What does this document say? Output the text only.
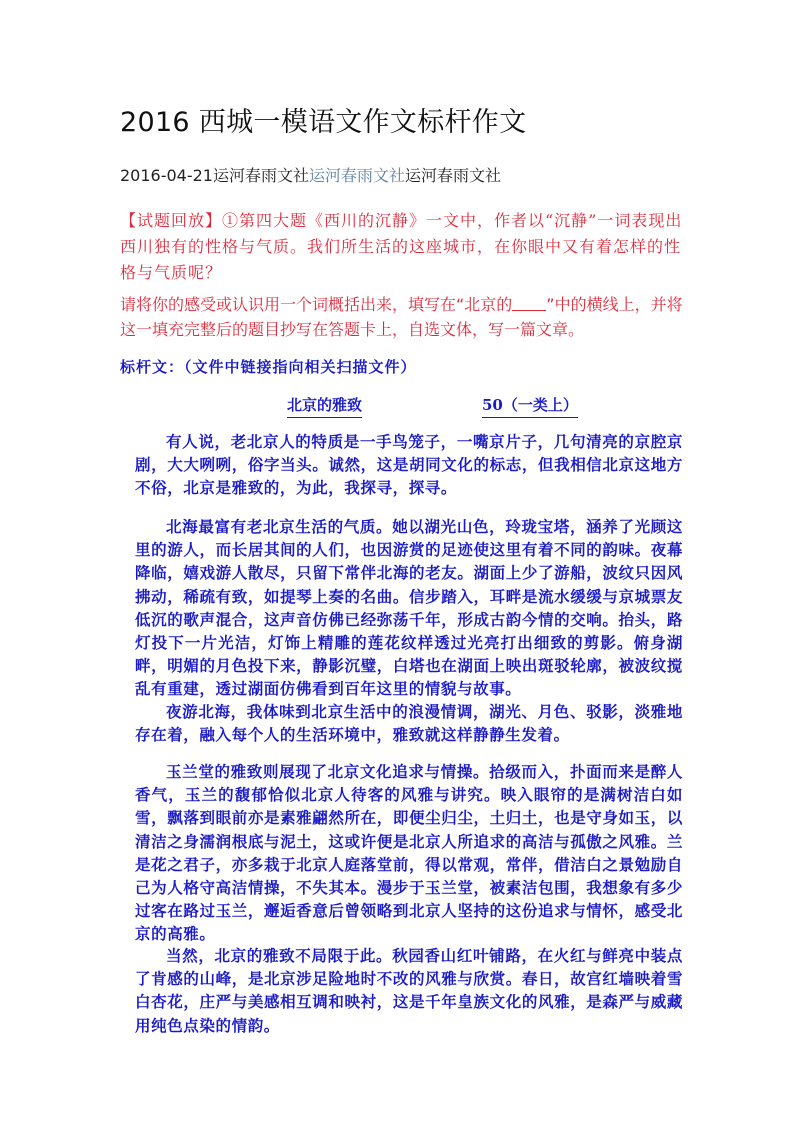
2016 西城一模语文作文标杆作文
2016-04-21运河春雨文社运河春雨文社运河春雨文社
【试题回放】①第四大题《西川的沉静》一文中，作者以“沉静”一词表现出西川独有的性格与气质。我们所生活的这座城市，在你眼中又有着怎样的性格与气质呢？
请将你的感受或认识用一个词概括出来，填写在“北京的 ”中的横线上，并将这一填充完整后的题目抄写在答题卡上，自选文体，写一篇文章。
标杆文：（文件中链接指向相关扫描文件）
北京的雅致	50（一类上）
有人说，老北京人的特质是一手鸟笼子，一嘴京片子，几句清亮的京腔京剧，大大咧咧，俗字当头。诚然，这是胡同文化的标志，但我相信北京这地方不俗，北京是雅致的，为此，我探寻，探寻。
北海最富有老北京生活的气质。她以湖光山色，玲珑宝塔，涵养了光顾这里的游人，而长居其间的人们，也因游赏的足迹使这里有着不同的韵味。夜幕降临，嬉戏游人散尽，只留下常伴北海的老友。湖面上少了游船，波纹只因风拂动，稀疏有致，如提琴上奏的名曲。信步踏入，耳畔是流水缓缓与京城票友低沉的歌声混合，这声音仿佛已经弥荡千年，形成古韵今情的交响。抬头，路灯投下一片光洁，灯饰上精雕的莲花纹样透过光亮打出细致的剪影。俯身湖畔，明媚的月色投下来，静影沉璧，白塔也在湖面上映出斑驳轮廓，被波纹搅乱有重建，透过湖面仿佛看到百年这里的情貌与故事。
夜游北海，我体味到北京生活中的浪漫情调，湖光、月色、驳影，淡雅地存在着，融入每个人的生活环境中，雅致就这样静静生发着。
玉兰堂的雅致则展现了北京文化追求与情操。拾级而入，扑面而来是醉人香气，玉兰的馥郁恰似北京人待客的风雅与讲究。映入眼帘的是满树洁白如雪，飘落到眼前亦是素雅翩然所在，即便尘归尘，土归土，也是守身如玉，以清洁之身濡润根底与泥土，这或许便是北京人所追求的高洁与孤傲之风雅。兰是花之君子，亦多栽于北京人庭落堂前，得以常观，常伴，借洁白之景勉励自己为人格守高洁情操，不失其本。漫步于玉兰堂，被素洁包围，我想象有多少过客在路过玉兰，邂逅香意后曾领略到北京人坚持的这份追求与情怀，感受北京的高雅。
当然，北京的雅致不局限于此。秋园香山红叶铺路，在火红与鲜亮中装点了肯感的山峰，是北京涉足险地时不改的风雅与欣赏。春日，故宫红墙映着雪白杏花，庄严与美感相互调和映衬，这是千年皇族文化的风雅，是森严与威藏用纯色点染的情韵。
